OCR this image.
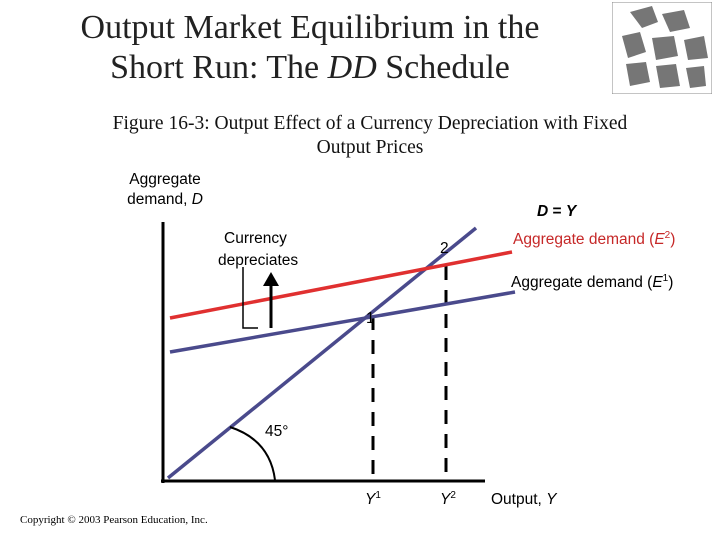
Output Market Equilibrium in the
Short Run: The DD Schedule
Figure 16-3: Output Effect of a Currency Depreciation with Fixed
Output Prices
Aggregate
demand, D
D = Y
Currency
depreciates
2
1
Aggregate demand $(E^2)$
Aggregate demand $(E^1)$
45°
$Y^1$	$Y^2$ Output, Y
Copyright © 2003 Pearson Education, Inc.
